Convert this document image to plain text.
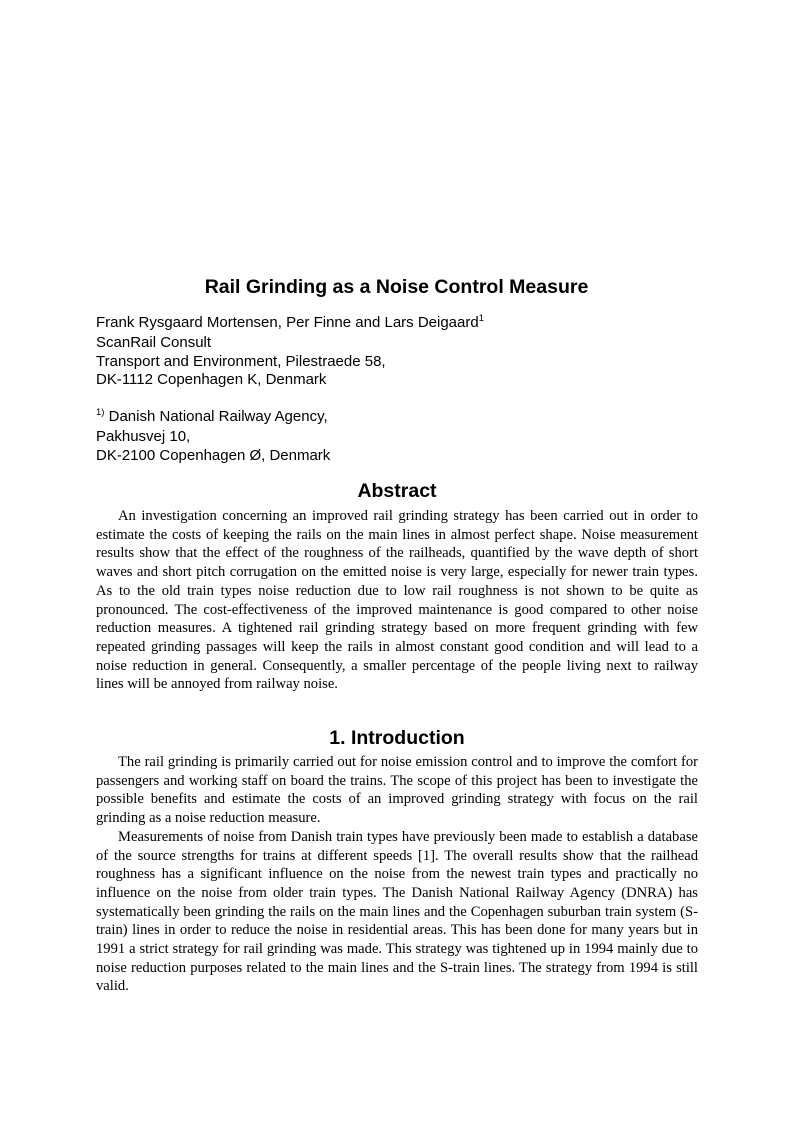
Rail Grinding as a Noise Control Measure
Frank Rysgaard Mortensen, Per Finne and Lars Deigaard$^1$
ScanRail Consult
Transport and Environment, Pilestraede 58,
DK-1112 Copenhagen K, Denmark
$^{1)}$ Danish National Railway Agency,
Pakhusvej 10,
DK-2100 Copenhagen Ø, Denmark
Abstract

An investigation concerning an improved rail grinding strategy has been carried out in order to estimate the costs of keeping the rails on the main lines in almost perfect shape. Noise measurement results show that the effect of the roughness of the railheads, quantified by the wave depth of short waves and short pitch corrugation on the emitted noise is very large, especially for newer train types. As to the old train types noise reduction due to low rail roughness is not shown to be quite as pronounced. The cost-effectiveness of the improved maintenance is good compared to other noise reduction measures. A tightened rail grinding strategy based on more frequent grinding with few repeated grinding passages will keep the rails in almost constant good condition and will lead to a noise reduction in general. Consequently, a smaller percentage of the people living next to railway lines will be annoyed from railway noise.

1. Introduction

The rail grinding is primarily carried out for noise emission control and to improve the comfort for passengers and working staff on board the trains. The scope of this project has been to investigate the possible benefits and estimate the costs of an improved grinding strategy with focus on the rail grinding as a noise reduction measure.

Measurements of noise from Danish train types have previously been made to establish a database of the source strengths for trains at different speeds [1]. The overall results show that the railhead roughness has a significant influence on the noise from the newest train types and practically no influence on the noise from older train types. The Danish National Railway Agency (DNRA) has systematically been grinding the rails on the main lines and the Copenhagen suburban train system (S-train) lines in order to reduce the noise in residential areas. This has been done for many years but in 1991 a strict strategy for rail grinding was made. This strategy was tightened up in 1994 mainly due to noise reduction purposes related to the main lines and the S-train lines. The strategy from 1994 is still valid.
